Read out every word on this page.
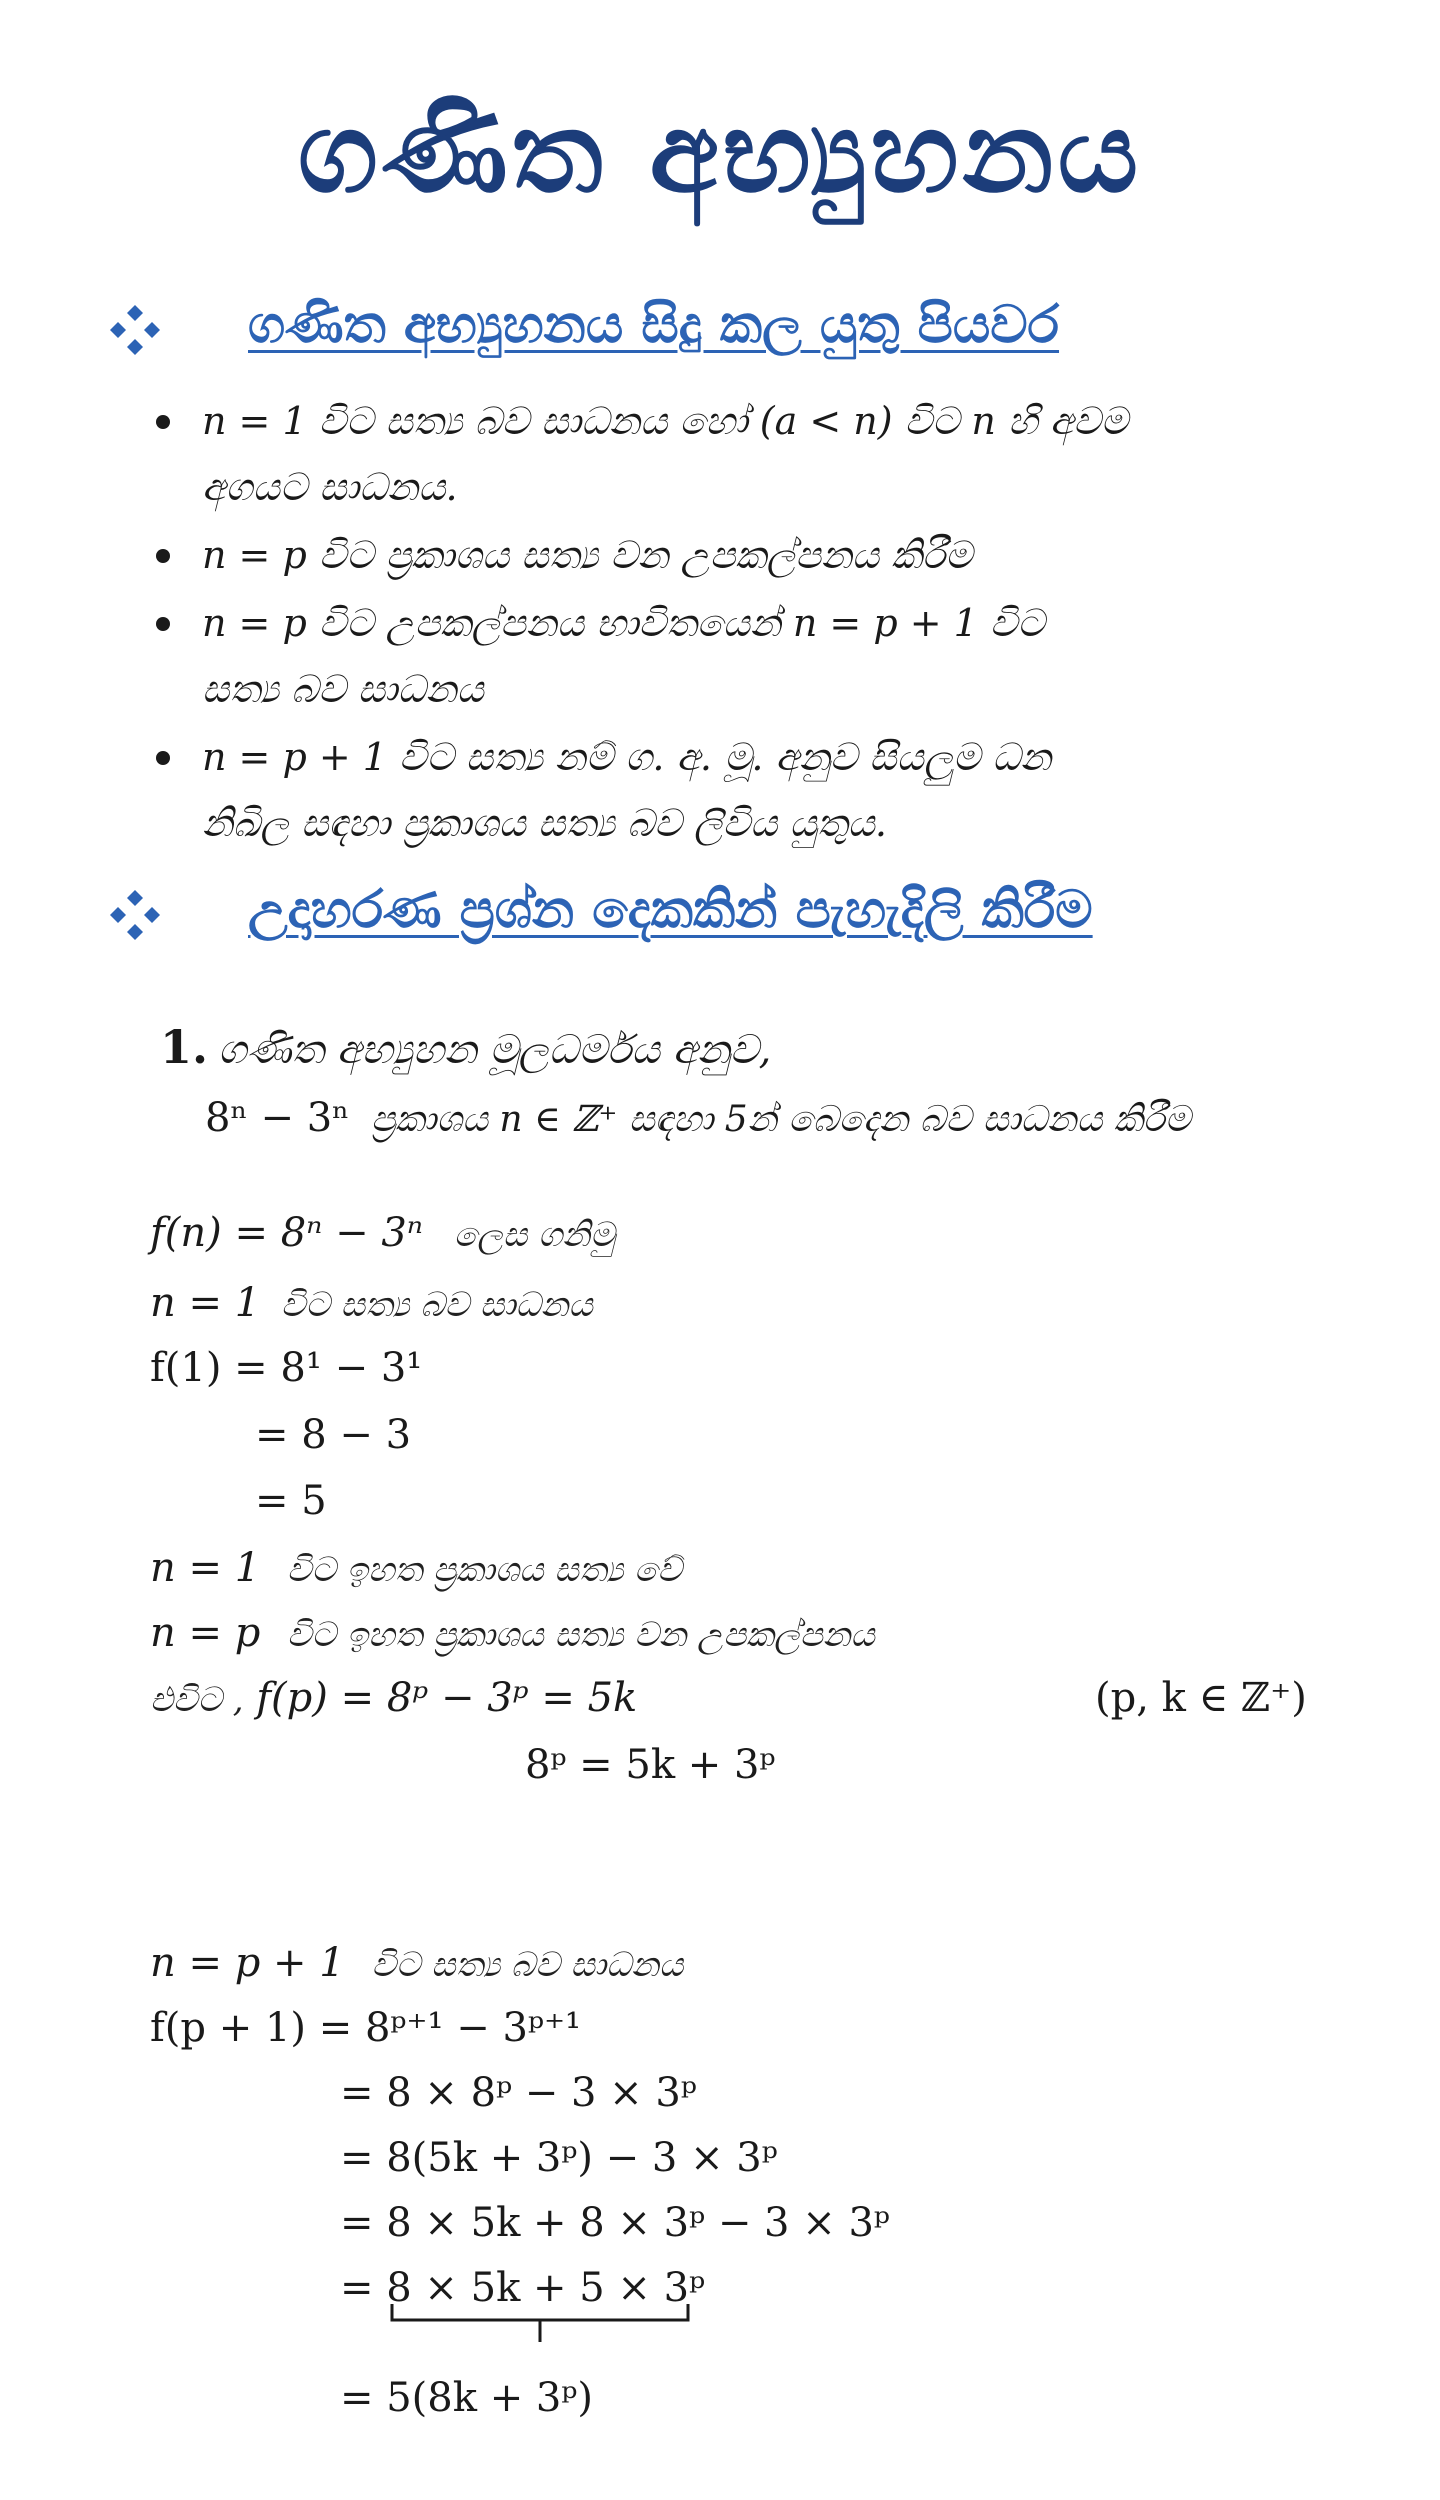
ගණිත අභ්‍යුහනය
ගණිත අභ්‍යුහනය සිදු කල යුතු පියවර
n = 1 විට සත්‍ය බව සාධනය හෝ (a < n) විට n හි අවම
අගයට සාධනය.
n = p විට ප්‍රකාශය සත්‍ය වන උපකල්පනය කිරීම
n = p විට උපකල්පනය භාවිතයෙන් n = p + 1 විට
සත්‍ය බව සාධනය
n = p + 1 විට සත්‍ය නම් ග. අ. මූ. අනුව සියලුම ධන
නිඛිල සඳහා ප්‍රකාශය සත්‍ය බව ලිවිය යුතුය.
උදාහරණ ප්‍රශ්න දෙකකින් පැහැදිලි කිරීම
1. ගණිත අභ්‍යුහන මූලධර්මය අනුව,
8ⁿ − 3ⁿ ප්‍රකාශය n ∈ ℤ⁺ සඳහා 5න් බෙදෙන බව සාධනය කිරීම
f(n) = 8ⁿ − 3ⁿ ලෙස ගනිමු
n = 1 විට සත්‍ය බව සාධනය
f(1) = 8¹ − 3¹
= 8 − 3
= 5
n = 1 විට ඉහත ප්‍රකාශය සත්‍ය වේ
n = p විට ඉහත ප්‍රකාශය සත්‍ය වන උපකල්පනය
එවිට , f(p) = 8ᵖ − 3ᵖ = 5k	(p, k ∈ ℤ⁺)
8ᵖ = 5k + 3ᵖ
n = p + 1 විට සත්‍ය බව සාධනය
f(p + 1) = 8ᵖ⁺¹ − 3ᵖ⁺¹
= 8 × 8ᵖ − 3 × 3ᵖ
= 8(5k + 3ᵖ) − 3 × 3ᵖ
= 8 × 5k + 8 × 3ᵖ − 3 × 3ᵖ
= 8 × 5k + 5 × 3ᵖ
= 5(8k + 3ᵖ)
